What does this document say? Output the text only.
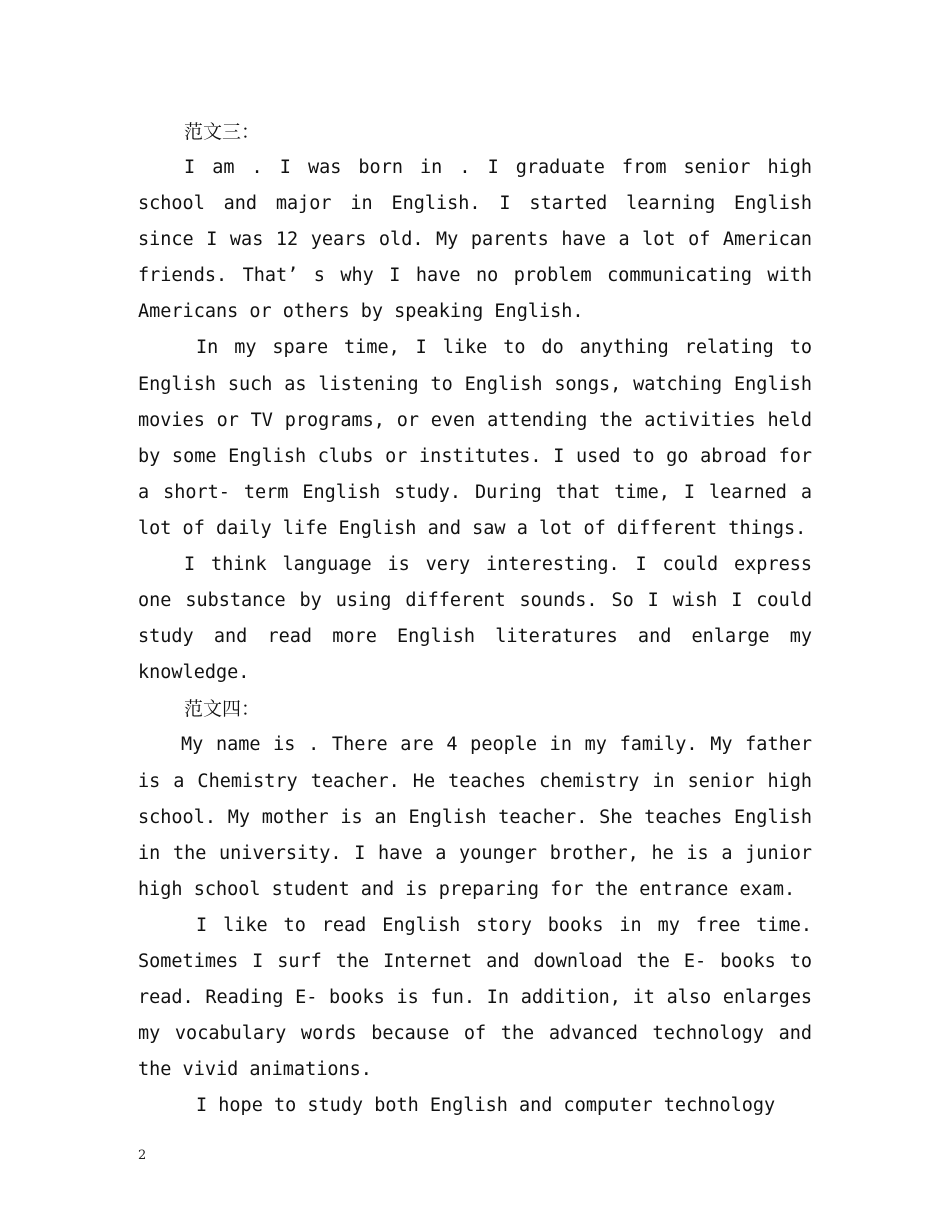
范文三：

I am . I was born in . I graduate from senior high school and major in English. I started learning English since I was 12 years old. My parents have a lot of American friends. That’ s why I have no problem communicating with Americans or others by speaking English.

In my spare time, I like to do anything relating to English such as listening to English songs, watching English movies or TV programs, or even attending the activities held by some English clubs or institutes. I used to go abroad for a short- term English study. During that time, I learned a lot of daily life English and saw a lot of different things.

I think language is very interesting. I could express one substance by using different sounds. So I wish I could study and read more English literatures and enlarge my knowledge.

范文四：

My name is . There are 4 people in my family. My father is a Chemistry teacher. He teaches chemistry in senior high school. My mother is an English teacher. She teaches English in the university. I have a younger brother, he is a junior high school student and is preparing for the entrance exam.

I like to read English story books in my free time. Sometimes I surf the Internet and download the E- books to read. Reading E- books is fun. In addition, it also enlarges my vocabulary words because of the advanced technology and the vivid animations.

I hope to study both English and computer technology

2
